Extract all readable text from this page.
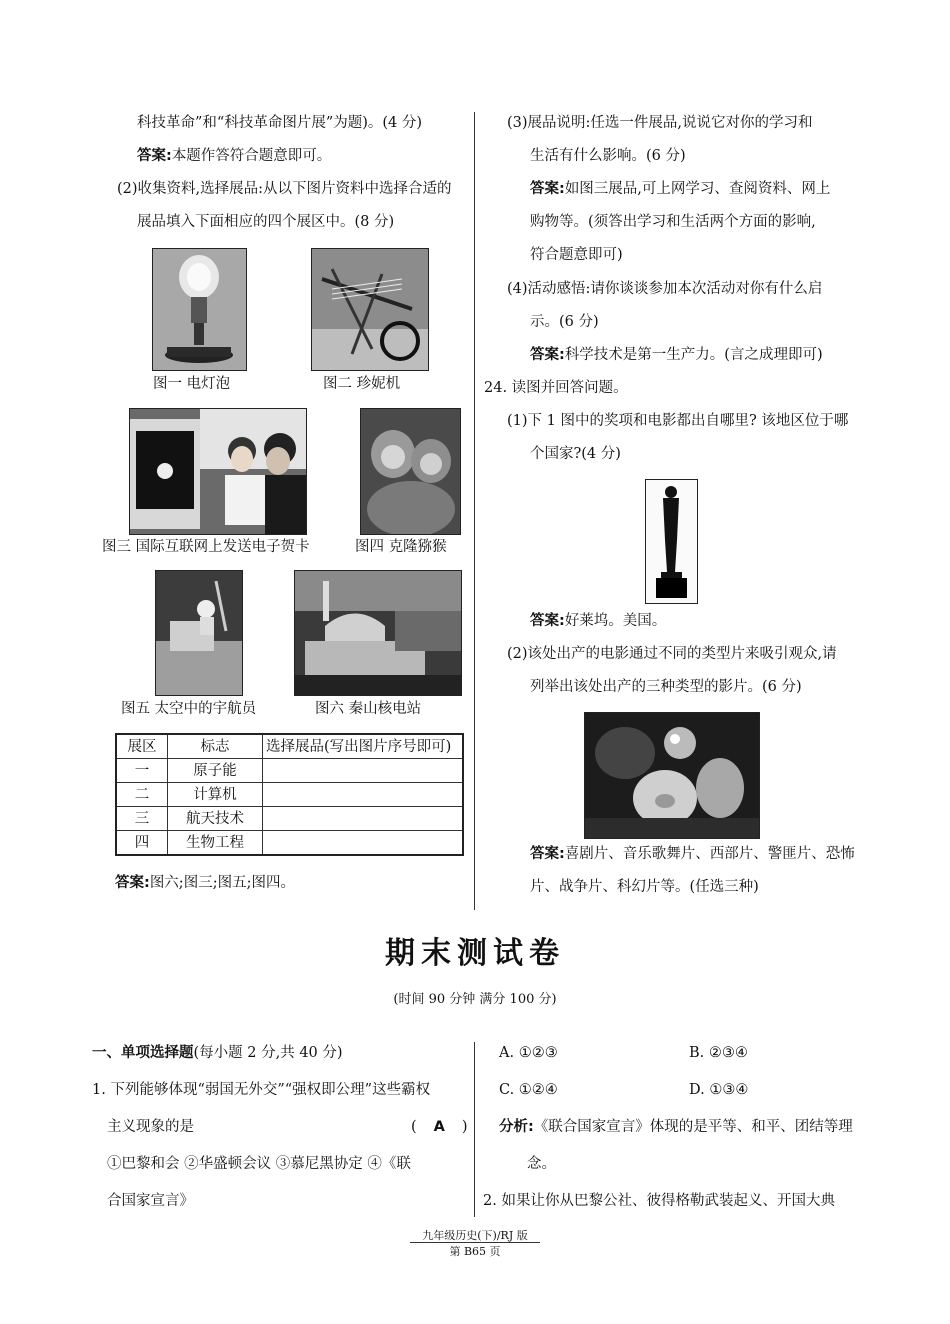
科技革命”和“科技革命图片展”为题)。(4 分)
答案:本题作答符合题意即可。
(2)收集资料,选择展品:从以下图片资料中选择合适的
展品填入下面相应的四个展区中。(8 分)
图一 电灯泡	图二 珍妮机
图三 国际互联网上发送电子贺卡	图四 克隆猕猴
图五 太空中的宇航员	图六 秦山核电站
展区	标志	选择展品(写出图片序号即可)
一	原子能	
二	计算机	
三	航天技术	
四	生物工程	
答案:图六;图三;图五;图四。
(3)展品说明:任选一件展品,说说它对你的学习和
生活有什么影响。(6 分)
答案:如图三展品,可上网学习、查阅资料、网上
购物等。(须答出学习和生活两个方面的影响,
符合题意即可)
(4)活动感悟:请你谈谈参加本次活动对你有什么启
示。(6 分)
答案:科学技术是第一生产力。(言之成理即可)
24. 读图并回答问题。
(1)下 1 图中的奖项和电影都出自哪里? 该地区位于哪
个国家?(4 分)
答案:好莱坞。美国。
(2)该处出产的电影通过不同的类型片来吸引观众,请
列举出该处出产的三种类型的影片。(6 分)
答案:喜剧片、音乐歌舞片、西部片、警匪片、恐怖
片、战争片、科幻片等。(任选三种)
期末测试卷
(时间 90 分钟 满分 100 分)
一、单项选择题(每小题 2 分,共 40 分)
1. 下列能够体现“弱国无外交”“强权即公理”这些霸权
主义现象的是	( A )
①巴黎和会 ②华盛顿会议 ③慕尼黑协定 ④《联
合国家宣言》
A. ①②③	B. ②③④
C. ①②④	D. ①③④
分析:《联合国家宣言》体现的是平等、和平、团结等理
念。
2. 如果让你从巴黎公社、彼得格勒武装起义、开国大典
九年级历史(下)/RJ 版
第 B65 页
